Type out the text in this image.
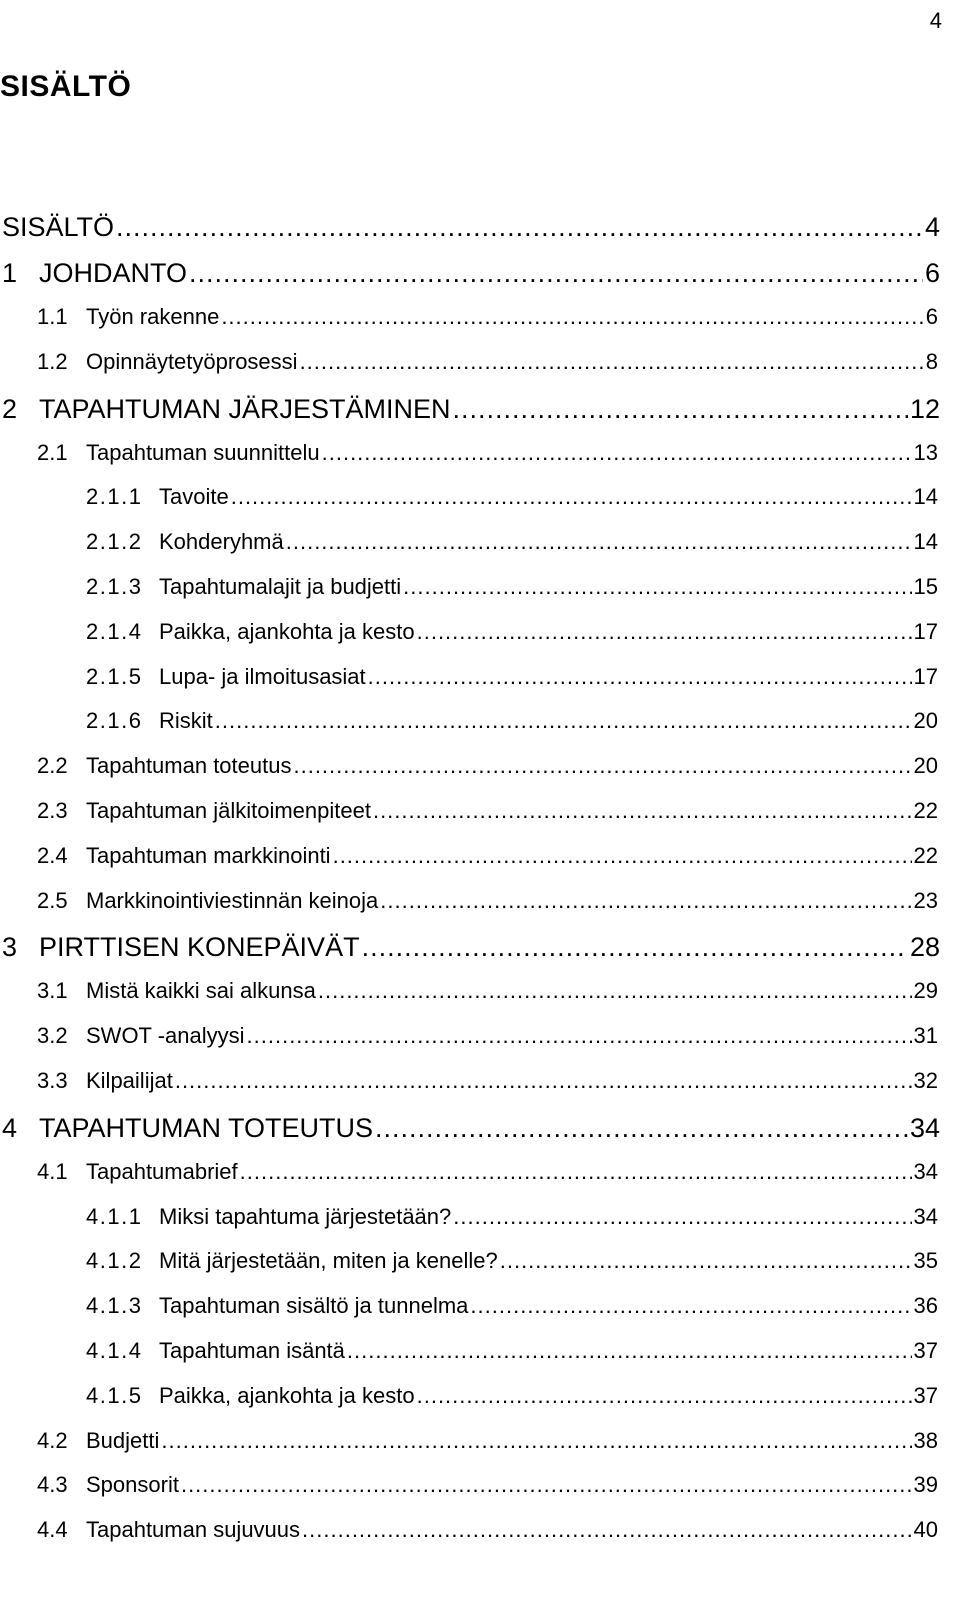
4
SISÄLTÖ
SISÄLTÖ .....	4
1 JOHDANTO .....	6
1.1 Työn rakenne .....	6
1.2 Opinnäytetyöprosessi .....	8
2 TAPAHTUMAN JÄRJESTÄMINEN .....	12
2.1 Tapahtuman suunnittelu .....	13
2.1.1 Tavoite .....	14
2.1.2 Kohderyhmä .....	14
2.1.3 Tapahtumalajit ja budjetti .....	15
2.1.4 Paikka, ajankohta ja kesto .....	17
2.1.5 Lupa- ja ilmoitusasiat .....	17
2.1.6 Riskit .....	20
2.2 Tapahtuman toteutus .....	20
2.3 Tapahtuman jälkitoimenpiteet .....	22
2.4 Tapahtuman markkinointi .....	22
2.5 Markkinointiviestinnän keinoja .....	23
3 PIRTTISEN KONEPÄIVÄT .....	28
3.1 Mistä kaikki sai alkunsa .....	29
3.2 SWOT -analyysi .....	31
3.3 Kilpailijat .....	32
4 TAPAHTUMAN TOTEUTUS .....	34
4.1 Tapahtumabrief .....	34
4.1.1 Miksi tapahtuma järjestetään? .....	34
4.1.2 Mitä järjestetään, miten ja kenelle? .....	35
4.1.3 Tapahtuman sisältö ja tunnelma .....	36
4.1.4 Tapahtuman isäntä .....	37
4.1.5 Paikka, ajankohta ja kesto .....	37
4.2 Budjetti .....	38
4.3 Sponsorit .....	39
4.4 Tapahtuman sujuvuus .....	40
